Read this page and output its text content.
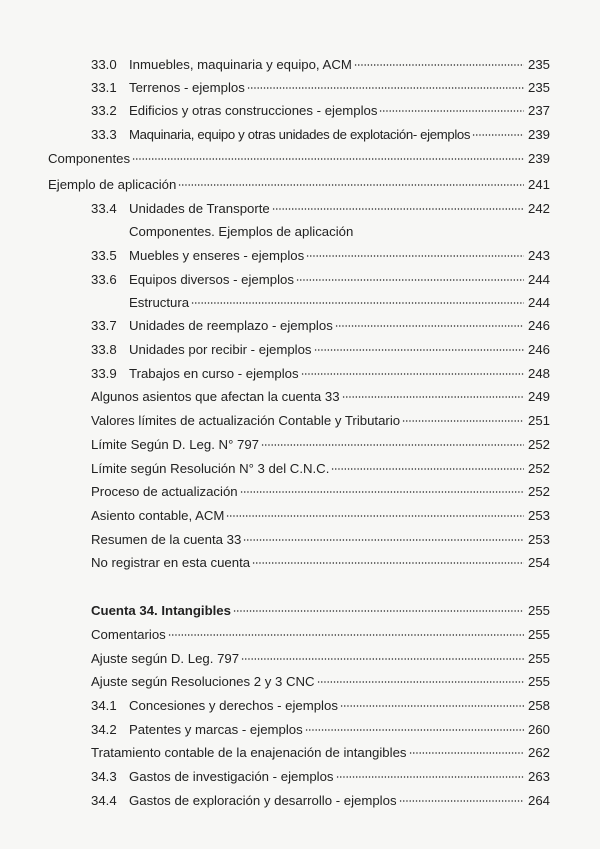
33.0 Inmuebles, maquinaria y equipo, ACM	235
33.1 Terrenos - ejemplos	235
33.2 Edificios y otras construcciones - ejemplos	237
33.3 Maquinaria, equipo y otras unidades de explotación- ejemplos	239
Componentes	239
Ejemplo de aplicación	241
33.4 Unidades de Transporte	242
Componentes. Ejemplos de aplicación
33.5 Muebles y enseres - ejemplos	243
33.6 Equipos diversos - ejemplos	244
Estructura	244
33.7 Unidades de reemplazo - ejemplos	246
33.8 Unidades por recibir - ejemplos	246
33.9 Trabajos en curso - ejemplos	248
Algunos asientos que afectan la cuenta 33	249
Valores límites de actualización Contable y Tributario	251
Límite Según D. Leg. N° 797	252
Límite según Resolución N° 3 del C.N.C.	252
Proceso de actualización	252
Asiento contable, ACM	253
Resumen de la cuenta 33	253
No registrar en esta cuenta	254
Cuenta 34. Intangibles	255
Comentarios	255
Ajuste según D. Leg. 797	255
Ajuste según Resoluciones 2 y 3 CNC	255
34.1 Concesiones y derechos - ejemplos	258
34.2 Patentes y marcas - ejemplos	260
Tratamiento contable de la enajenación de intangibles	262
34.3 Gastos de investigación - ejemplos	263
34.4 Gastos de exploración y desarrollo - ejemplos	264
